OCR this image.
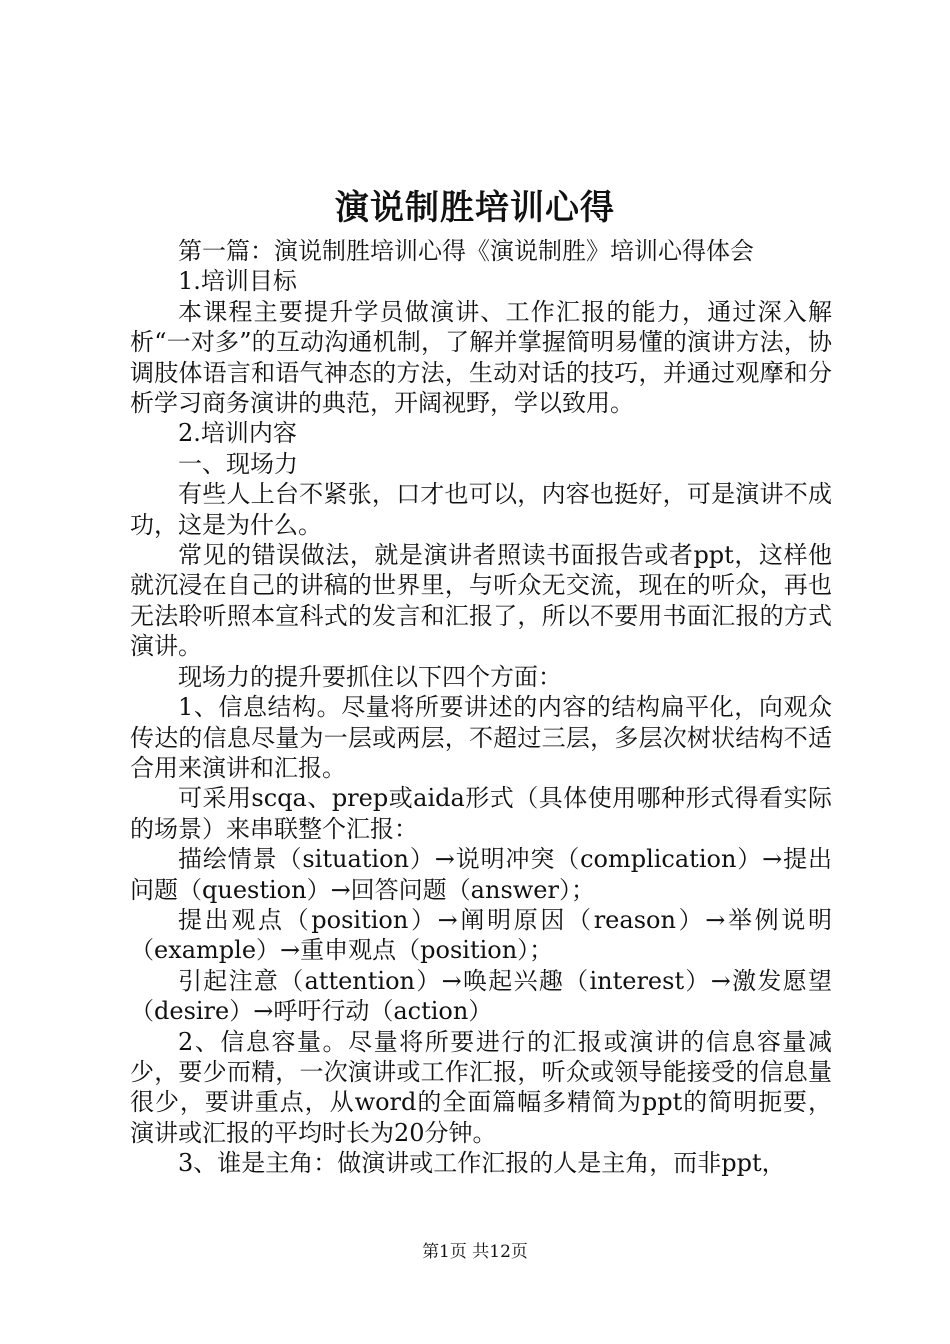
演说制胜培训心得

第一篇：演说制胜培训心得《演说制胜》培训心得体会

1.培训目标

本课程主要提升学员做演讲、工作汇报的能力，通过深入解析“一对多”的互动沟通机制，了解并掌握简明易懂的演讲方法，协调肢体语言和语气神态的方法，生动对话的技巧，并通过观摩和分析学习商务演讲的典范，开阔视野，学以致用。

2.培训内容

一、现场力

有些人上台不紧张，口才也可以，内容也挺好，可是演讲不成功，这是为什么。

常见的错误做法，就是演讲者照读书面报告或者ppt，这样他就沉浸在自己的讲稿的世界里，与听众无交流，现在的听众，再也无法聆听照本宣科式的发言和汇报了，所以不要用书面汇报的方式演讲。

现场力的提升要抓住以下四个方面：

1、信息结构。尽量将所要讲述的内容的结构扁平化，向观众传达的信息尽量为一层或两层，不超过三层，多层次树状结构不适合用来演讲和汇报。

可采用scqa、prep或aida形式（具体使用哪种形式得看实际的场景）来串联整个汇报：

描绘情景（situation）→说明冲突（complication）→提出问题（question）→回答问题（answer）；

提出观点（position）→阐明原因（reason）→举例说明（example）→重申观点（position）；

引起注意（attention）→唤起兴趣（interest）→激发愿望（desire）→呼吁行动（action）

2、信息容量。尽量将所要进行的汇报或演讲的信息容量减少，要少而精，一次演讲或工作汇报，听众或领导能接受的信息量很少，要讲重点，从word的全面篇幅多精简为ppt的简明扼要，演讲或汇报的平均时长为20分钟。

3、谁是主角：做演讲或工作汇报的人是主角，而非ppt，

第1页 共12页
